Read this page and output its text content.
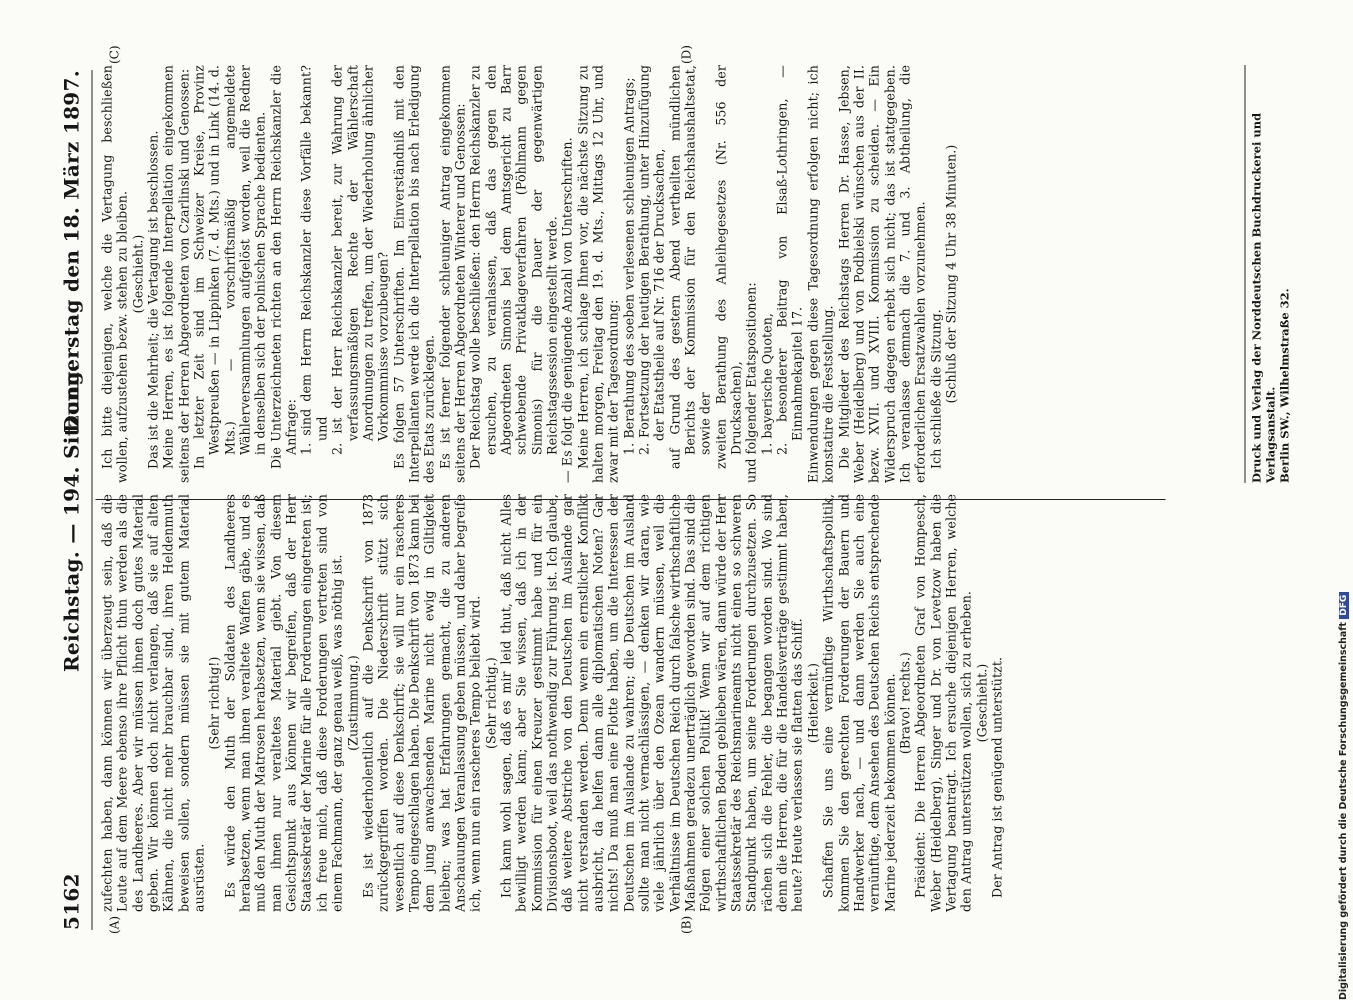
5162
Reichstag. — 194. Sitzung.
Donnerstag den 18. März 1897.
(A)	(B)
(C)	(D)

zufechten haben, dann können wir überzeugt sein, daß die Leute auf dem Meere ebenso ihre Pflicht thun werden als die des Landheeres. Aber wir müssen ihnen doch gutes Material geben. Wir können doch nicht verlangen, daß sie auf alten Kähnen, die nicht mehr brauchbar sind, ihren Heldenmuth beweisen sollen, sondern müssen sie mit gutem Material ausrüsten.

(Sehr richtig!) Es würde den Muth der Soldaten des Landheeres herabsetzen, wenn man ihnen veraltete Waffen gäbe, und es muß den Muth der Matrosen herabsetzen, wenn sie wissen, daß man ihnen nur veraltetes Material giebt. Von diesem Gesichtspunkt aus können wir begreifen, daß der Herr Staatssekretär der Marine für alle Forderungen eingetreten ist; ich freue mich, daß diese Forderungen vertreten sind von einem Fachmann, der ganz genau weiß, was nöthig ist. (Zustimmung.) Es ist wiederholentlich auf die Denkschrift von 1873 zurückgegriffen worden. Die Niederschrift stützt sich wesentlich auf diese Denkschrift; sie will nur ein rascheres Tempo eingeschlagen haben. Die Denkschrift von 1873 kann bei dem jung anwachsenden Marine nicht ewig in Giltigkeit bleiben; was hat Erfahrungen gemacht, die zu anderen Anschauungen Veranlassung geben müssen, und daher begreife ich, wenn nun ein rascheres Tempo beliebt wird. (Sehr richtig.) Ich kann wohl sagen, daß es mir leid thut, daß nicht Alles bewilligt werden kann; aber Sie wissen, daß ich in der Kommission für einen Kreuzer gestimmt habe und für ein Divisionsboot, weil das nothwendig zur Führung ist. Ich glaube, daß weitere Abstriche von den Deutschen im Auslande gar nicht verstanden werden. Denn wenn ein ernstlicher Konflikt ausbricht, da helfen dann alle diplomatischen Noten? Gar nichts! Da muß man eine Flotte haben, um die Interessen der Deutschen im Auslande zu wahren; die Deutschen im Ausland sollte man nicht vernachlässigen, — denken wir daran, wie viele jährlich über den Ozean wandern müssen, weil die Verhältnisse im Deutschen Reich durch falsche wirthschaftliche Maßnahmen geradezu unerträglich geworden sind. Das sind die Folgen einer solchen Politik! Wenn wir auf dem richtigen wirthschaftlichen Boden geblieben wären, dann würde der Herr Staatssekretär des Reichsmarineamts nicht einen so schweren Standpunkt haben, um seine Forderungen durchzusetzen. So rächen sich die Fehler, die begangen worden sind. Wo sind denn die Herren, die für die Handelsverträge gestimmt haben, heute? Heute verlassen sie flatten das Schiff. (Heiterkeit.) Schaffen Sie uns eine vernünftige Wirthschaftspolitik, kommen Sie den gerechten Forderungen der Bauern und Handwerker nach, — und dann werden Sie auch eine vernünftige, dem Ansehen des Deutschen Reichs entsprechende Marine jederzeit bekommen können. (Bravo! rechts.) Präsident: Die Herren Abgeordneten Graf von Hompesch, Weber (Heidelberg), Singer und Dr. von Levetzow haben die Vertagung beantragt. Ich ersuche diejenigen Herren, welche den Antrag unterstützen wollen, sich zu erheben. (Geschieht.) Der Antrag ist genügend unterstützt.

Ich bitte diejenigen, welche die Vertagung beschließen wollen, aufzustehen bezw. stehen zu bleiben. (Geschieht.) Das ist die Mehrheit; die Vertagung ist beschlossen. Meine Herren, es ist folgende Interpellation eingekommen seitens der Herren Abgeordneten von Czarlinski und Genossen: In letzter Zeit sind im Schweizer Kreise, Provinz Westpreußen — in Lippinken (7. d. Mts.) und in Link (14. d. Mts.) — vorschriftsmäßig angemeldete Wählerversammlungen aufgelöst worden, weil die Redner in denselben sich der polnischen Sprache bedienten. Die Unterzeichneten richten an den Herrn Reichskanzler die Anfrage: 1. sind dem Herrn Reichskanzler diese Vorfälle bekannt? und 2. ist der Herr Reichskanzler bereit, zur Wahrung der verfassungsmäßigen Rechte der Wählerschaft Anordnungen zu treffen, um der Wiederholung ähnlicher Vorkommnisse vorzubeugen? Es folgen 57 Unterschriften. Im Einverständniß mit den Interpellanten werde ich die Interpellation bis nach Erledigung des Etats zurücklegen. Es ist ferner folgender schleuniger Antrag eingekommen seitens der Herren Abgeordneten Winterer und Genossen: Der Reichstag wolle beschließen: den Herrn Reichskanzler zu ersuchen, zu veranlassen, daß das gegen den Abgeordneten Simonis bei dem Amtsgericht zu Barr schwebende Privatklageverfahren (Pöhlmann gegen Simonis) für die Dauer der gegenwärtigen Reichstagssession eingestellt werde. — Es folgt die genügende Anzahl von Unterschriften. Meine Herren, ich schlage Ihnen vor, die nächste Sitzung zu halten morgen, Freitag den 19. d. Mts., Mittags 12 Uhr, und zwar mit der Tagesordnung: 1. Berathung des soeben verlesenen schleunigen Antrags; 2. Fortsetzung der heutigen Berathung, unter Hinzufügung der Etatstheile auf Nr. 716 der Drucksachen, auf Grund des gestern Abend vertheilten mündlichen Berichts der Kommission für den Reichshaushaltsetat, sowie der zweiten Berathung des Anleihegesetzes (Nr. 556 der Drucksachen), und folgender Etatspositionen: 1. bayerische Quoten, 2. besonderer Beitrag von Elsaß-Lothringen, — Einnahmekapitel 17. Einwendungen gegen diese Tagesordnung erfolgen nicht; ich konstatire die Feststellung. Die Mitglieder des Reichstags Herren Dr. Hasse, Jebsen, Weber (Heidelberg) und von Podbielski wünschen aus der II. bezw. XVII. und XVIII. Kommission zu scheiden. — Ein Widerspruch dagegen erhebt sich nicht; das ist stattgegeben. Ich veranlasse demnach die 7. und 3. Abtheilung, die erforderlichen Ersatzwahlen vorzunehmen. Ich schließe die Sitzung. (Schluß der Sitzung 4 Uhr 38 Minuten.)	Druck und Verlag der Norddeutschen Buchdruckerei und Verlagsanstalt.
Berlin SW., Wilhelmstraße 32.
Digitalisierung gefördert durch die Deutsche Forschungsgemeinschaft DFG
